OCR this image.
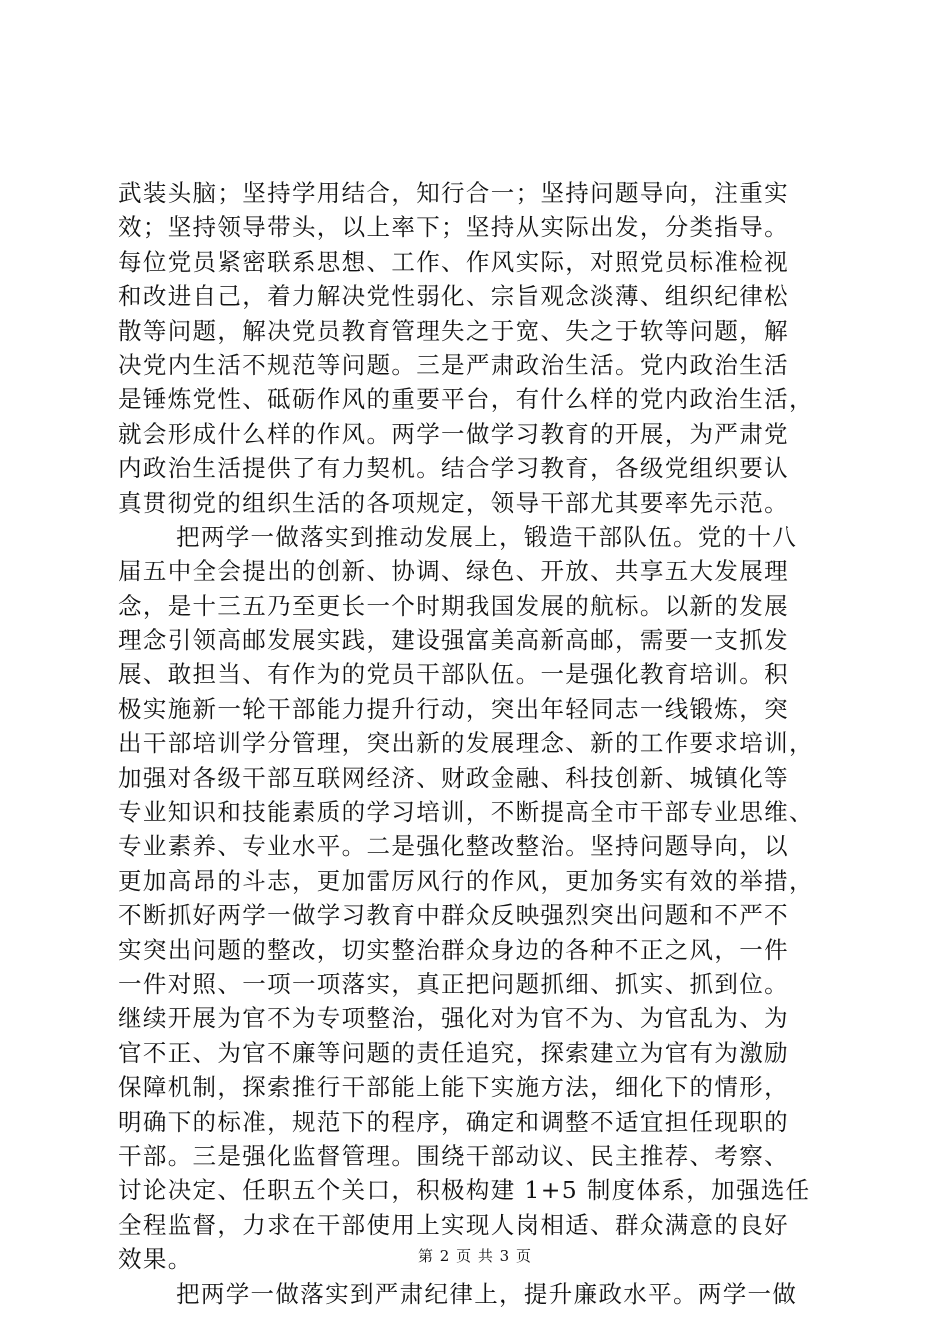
武装头脑；坚持学用结合，知行合一；坚持问题导向，注重实
效；坚持领导带头，以上率下；坚持从实际出发，分类指导。
每位党员紧密联系思想、工作、作风实际，对照党员标准检视
和改进自己，着力解决党性弱化、宗旨观念淡薄、组织纪律松
散等问题，解决党员教育管理失之于宽、失之于软等问题，解
决党内生活不规范等问题。三是严肃政治生活。党内政治生活
是锤炼党性、砥砺作风的重要平台，有什么样的党内政治生活，
就会形成什么样的作风。两学一做学习教育的开展，为严肃党
内政治生活提供了有力契机。结合学习教育，各级党组织要认
真贯彻党的组织生活的各项规定，领导干部尤其要率先示范。
把两学一做落实到推动发展上，锻造干部队伍。党的十八
届五中全会提出的创新、协调、绿色、开放、共享五大发展理
念，是十三五乃至更长一个时期我国发展的航标。以新的发展
理念引领高邮发展实践，建设强富美高新高邮，需要一支抓发
展、敢担当、有作为的党员干部队伍。一是强化教育培训。积
极实施新一轮干部能力提升行动，突出年轻同志一线锻炼，突
出干部培训学分管理，突出新的发展理念、新的工作要求培训，
加强对各级干部互联网经济、财政金融、科技创新、城镇化等
专业知识和技能素质的学习培训，不断提高全市干部专业思维、
专业素养、专业水平。二是强化整改整治。坚持问题导向，以
更加高昂的斗志，更加雷厉风行的作风，更加务实有效的举措，
不断抓好两学一做学习教育中群众反映强烈突出问题和不严不
实突出问题的整改，切实整治群众身边的各种不正之风，一件
一件对照、一项一项落实，真正把问题抓细、抓实、抓到位。
继续开展为官不为专项整治，强化对为官不为、为官乱为、为
官不正、为官不廉等问题的责任追究，探索建立为官有为激励
保障机制，探索推行干部能上能下实施方法，细化下的情形，
明确下的标准，规范下的程序，确定和调整不适宜担任现职的
干部。三是强化监督管理。围绕干部动议、民主推荐、考察、
讨论决定、任职五个关口，积极构建 1+5 制度体系，加强选任
全程监督，力求在干部使用上实现人岗相适、群众满意的良好
效果。
把两学一做落实到严肃纪律上，提升廉政水平。两学一做
第 2 页 共 3 页
